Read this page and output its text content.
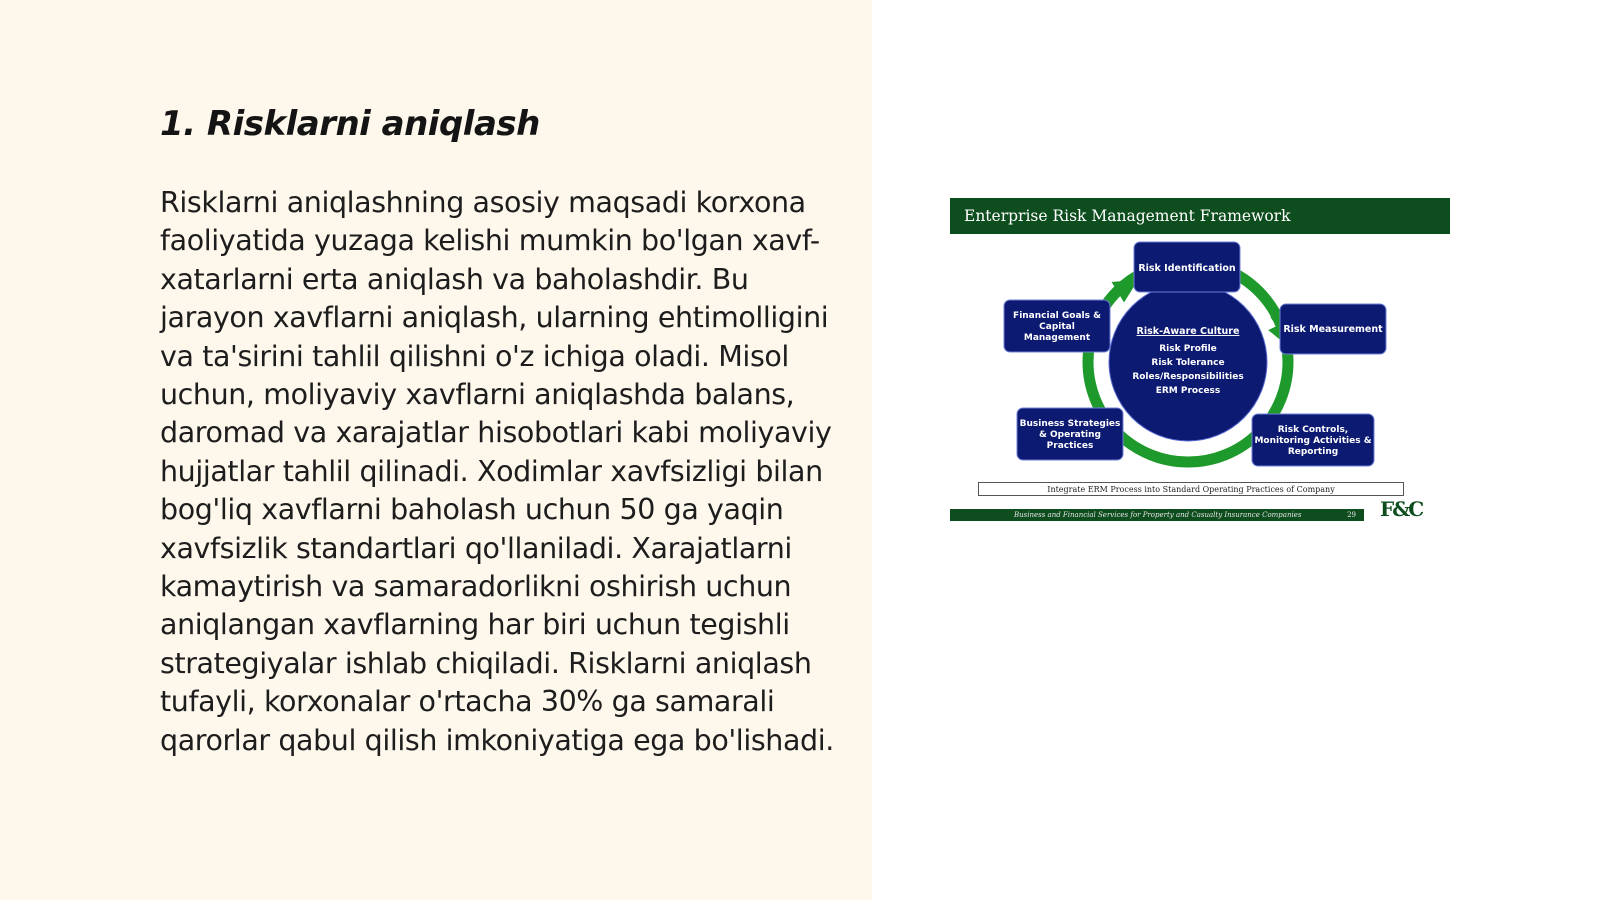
1. Risklarni aniqlash

Risklarni aniqlashning asosiy maqsadi korxona faoliyatida yuzaga kelishi mumkin bo'lgan xavf-xatarlarni erta aniqlash va baholashdir. Bu jarayon xavflarni aniqlash, ularning ehtimolligini va ta'sirini tahlil qilishni o'z ichiga oladi. Misol uchun, moliyaviy xavflarni aniqlashda balans, daromad va xarajatlar hisobotlari kabi moliyaviy hujjatlar tahlil qilinadi. Xodimlar xavfsizligi bilan bog'liq xavflarni baholash uchun 50 ga yaqin xavfsizlik standartlari qo'llaniladi. Xarajatlarni kamaytirish va samaradorlikni oshirish uchun aniqlangan xavflarning har biri uchun tegishli strategiyalar ishlab chiqiladi. Risklarni aniqlash tufayli, korxonalar o'rtacha 30% ga samarali qarorlar qabul qilish imkoniyatiga ega bo'lishadi.

Enterprise Risk Management Framework
Risk-Aware Culture
Risk Profile
Risk Tolerance
Roles/Responsibilities
ERM Process
Risk Identification
Risk Measurement
Risk Controls,
Monitoring Activities &
Reporting
Business Strategies
& Operating
Practices
Financial Goals &
Capital
Management
Integrate ERM Process into Standard Operating Practices of Company
Business and Financial Services for Property and Casualty Insurance Companies	29 F&C
